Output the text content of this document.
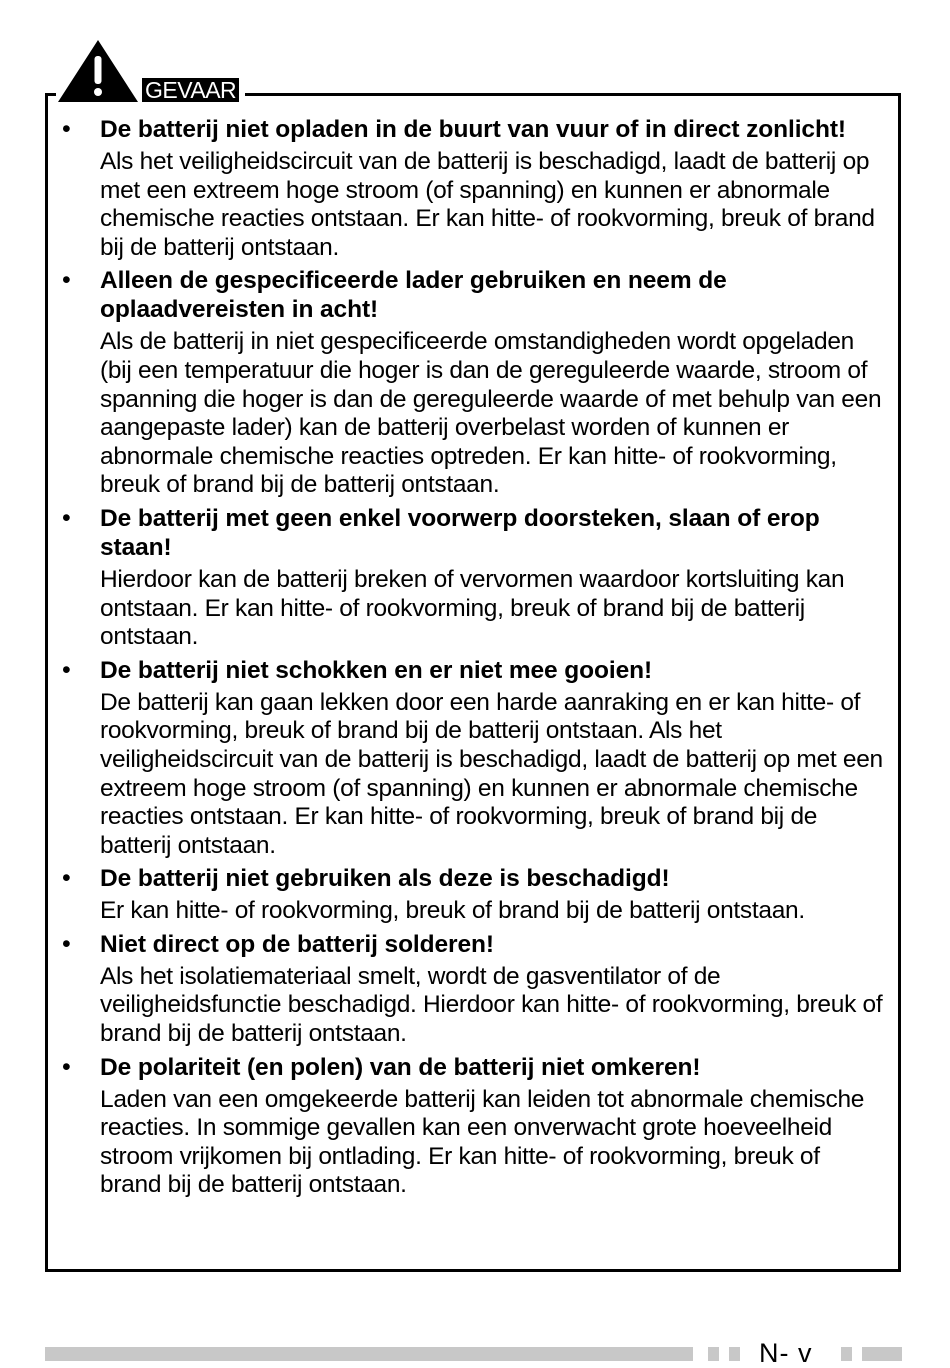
GEVAAR
• De batterij niet opladen in de buurt van vuur of in direct zonlicht!

Als het veiligheidscircuit van de batterij is beschadigd, laadt de batterij op met een extreem hoge stroom (of spanning) en kunnen er abnormale chemische reacties ontstaan. Er kan hitte- of rookvorming, breuk of brand bij de batterij ontstaan.

• Alleen de gespecificeerde lader gebruiken en neem de oplaadvereisten in acht!

Als de batterij in niet gespecificeerde omstandigheden wordt opgeladen (bij een temperatuur die hoger is dan de gereguleerde waarde, stroom of spanning die hoger is dan de gereguleerde waarde of met behulp van een aangepaste lader) kan de batterij overbelast worden of kunnen er abnormale chemische reacties optreden. Er kan hitte- of rookvorming, breuk of brand bij de batterij ontstaan.

• De batterij met geen enkel voorwerp doorsteken, slaan of erop staan!

Hierdoor kan de batterij breken of vervormen waardoor kortsluiting kan ontstaan. Er kan hitte- of rookvorming, breuk of brand bij de batterij ontstaan.

• De batterij niet schokken en er niet mee gooien!

De batterij kan gaan lekken door een harde aanraking en er kan hitte- of rookvorming, breuk of brand bij de batterij ontstaan. Als het veiligheidscircuit van de batterij is beschadigd, laadt de batterij op met een extreem hoge stroom (of spanning) en kunnen er abnormale chemische reacties ontstaan. Er kan hitte- of rookvorming, breuk of brand bij de batterij ontstaan.

• De batterij niet gebruiken als deze is beschadigd!

Er kan hitte- of rookvorming, breuk of brand bij de batterij ontstaan.

• Niet direct op de batterij solderen!

Als het isolatiemateriaal smelt, wordt de gasventilator of de veiligheidsfunctie beschadigd. Hierdoor kan hitte- of rookvorming, breuk of brand bij de batterij ontstaan.

• De polariteit (en polen) van de batterij niet omkeren!

Laden van een omgekeerde batterij kan leiden tot abnormale chemische reacties. In sommige gevallen kan een onverwacht grote hoeveelheid stroom vrijkomen bij ontlading. Er kan hitte- of rookvorming, breuk of brand bij de batterij ontstaan.

N- v
